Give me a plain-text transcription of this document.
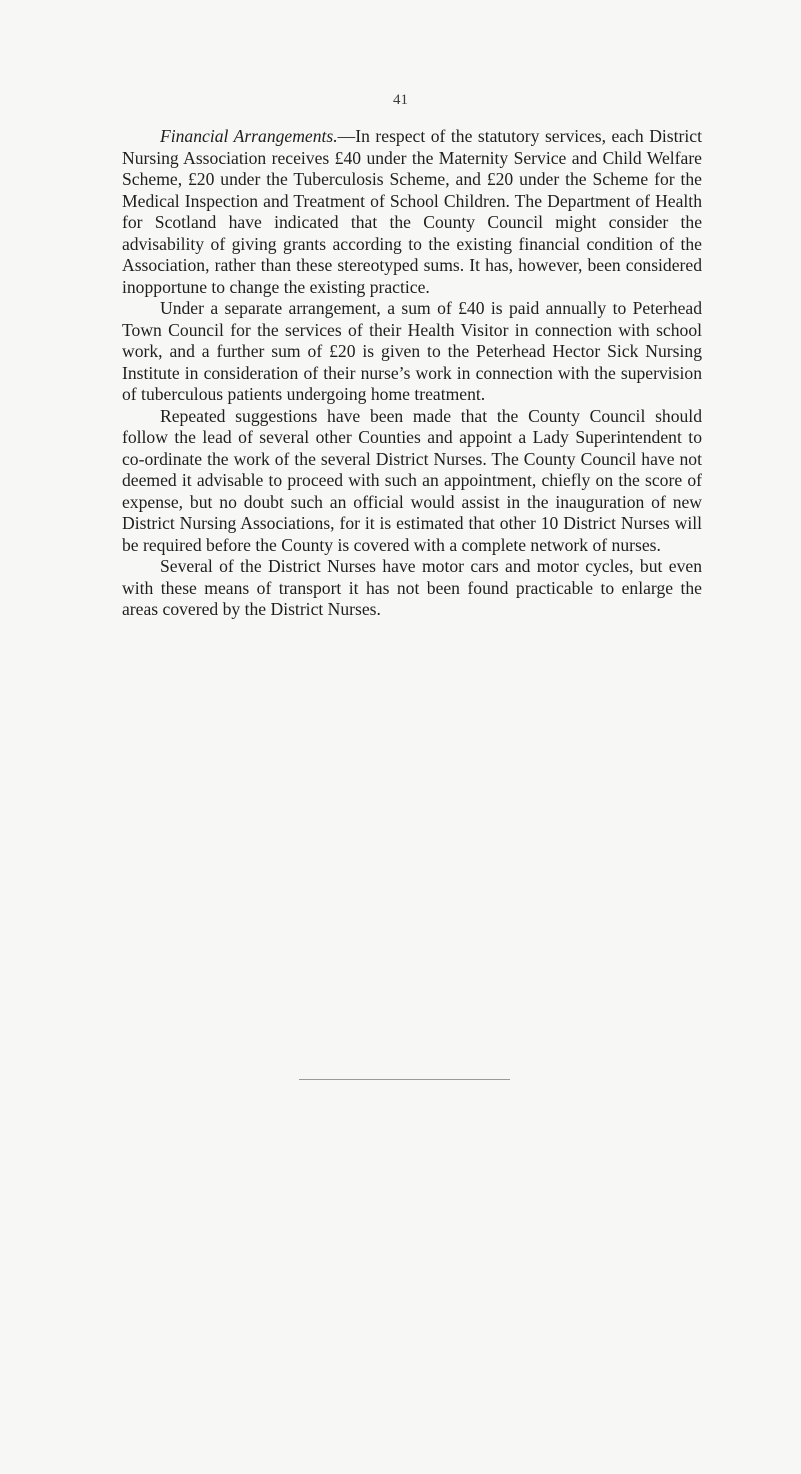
41

Financial Arrangements.—In respect of the statutory services, each District Nursing Association receives £40 under the Maternity Service and Child Welfare Scheme, £20 under the Tuberculosis Scheme, and £20 under the Scheme for the Medical Inspection and Treatment of School Children. The Department of Health for Scotland have indicated that the County Council might consider the advisability of giving grants according to the existing financial condition of the Association, rather than these stereotyped sums. It has, however, been considered inopportune to change the existing practice.

Under a separate arrangement, a sum of £40 is paid annually to Peterhead Town Council for the services of their Health Visitor in connection with school work, and a further sum of £20 is given to the Peterhead Hector Sick Nursing Institute in consideration of their nurse’s work in connection with the supervision of tuberculous patients undergoing home treatment.

Repeated suggestions have been made that the County Council should follow the lead of several other Counties and appoint a Lady Superintendent to co-ordinate the work of the several District Nurses. The County Council have not deemed it advisable to proceed with such an appointment, chiefly on the score of expense, but no doubt such an official would assist in the inauguration of new District Nursing Associations, for it is estimated that other 10 District Nurses will be required before the County is covered with a complete network of nurses.

Several of the District Nurses have motor cars and motor cycles, but even with these means of transport it has not been found practicable to enlarge the areas covered by the District Nurses.
